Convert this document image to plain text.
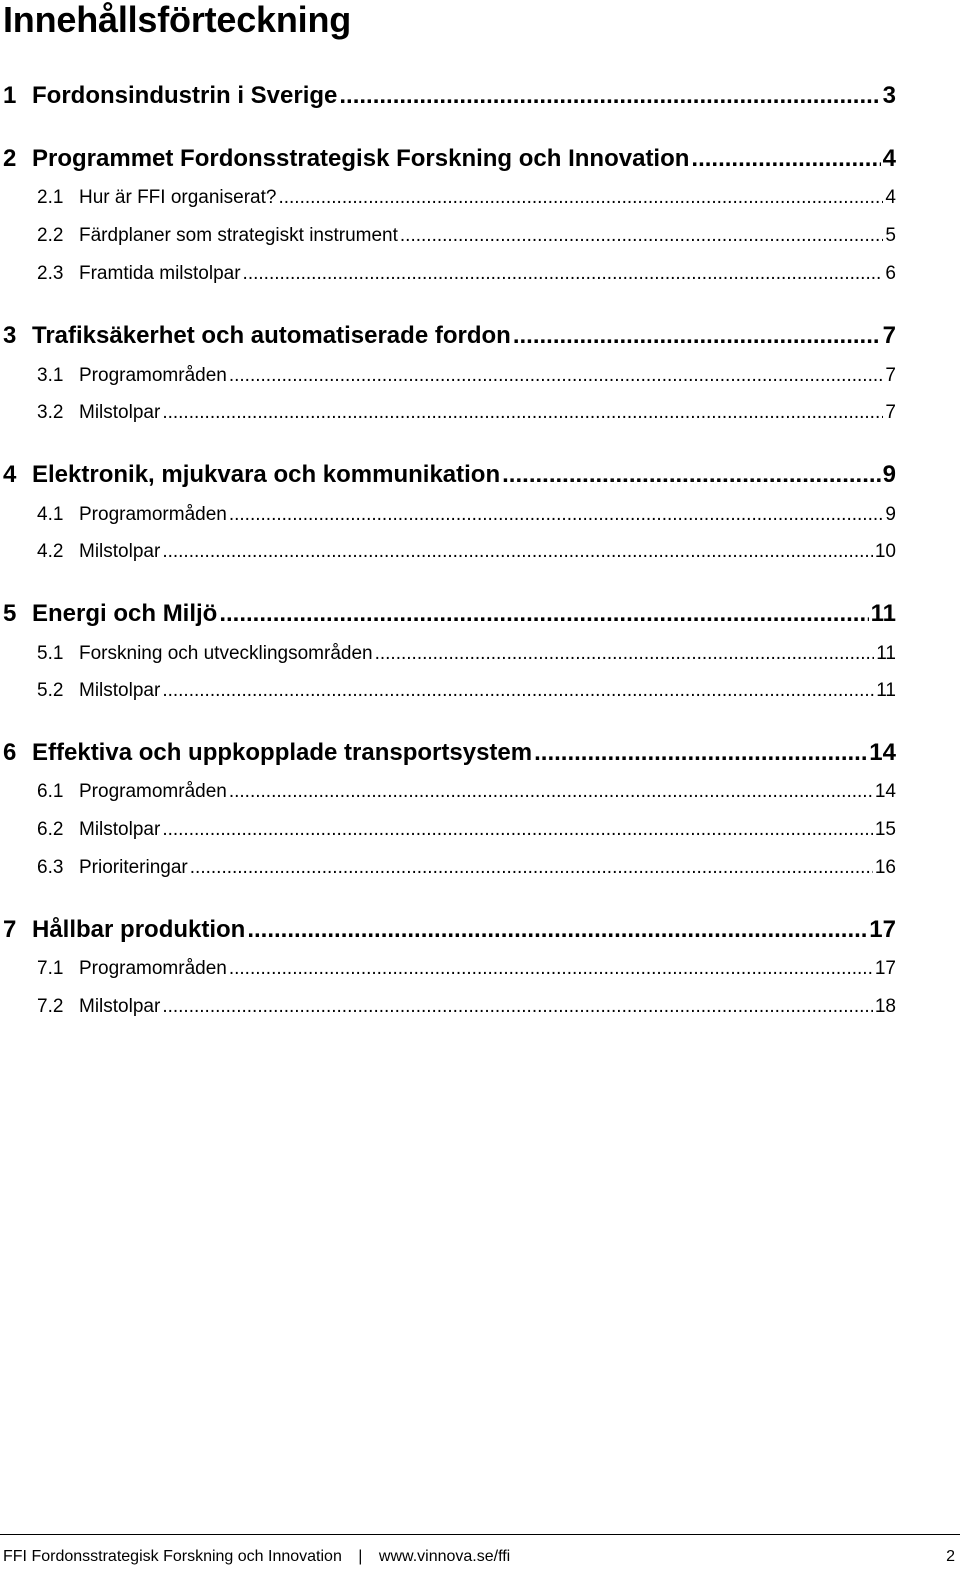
Innehållsförteckning
1 Fordonsindustrin i Sverige .....	3
2 Programmet Fordonsstrategisk Forskning och Innovation .....	4
2.1 Hur är FFI organiserat? .....	4
2.2 Färdplaner som strategiskt instrument .....	5
2.3 Framtida milstolpar .....	6
3 Trafiksäkerhet och automatiserade fordon .....	7
3.1 Programområden .....	7
3.2 Milstolpar .....	7
4 Elektronik, mjukvara och kommunikation .....	9
4.1 Programormåden .....	9
4.2 Milstolpar .....	10
5 Energi och Miljö .....	11
5.1 Forskning och utvecklingsområden .....	11
5.2 Milstolpar .....	11
6 Effektiva och uppkopplade transportsystem .....	14
6.1 Programområden .....	14
6.2 Milstolpar .....	15
6.3 Prioriteringar .....	16
7 Hållbar produktion .....	17
7.1 Programområden .....	17
7.2 Milstolpar .....	18
FFI Fordonsstrategisk Forskning och Innovation | www.vinnova.se/ffi	2
